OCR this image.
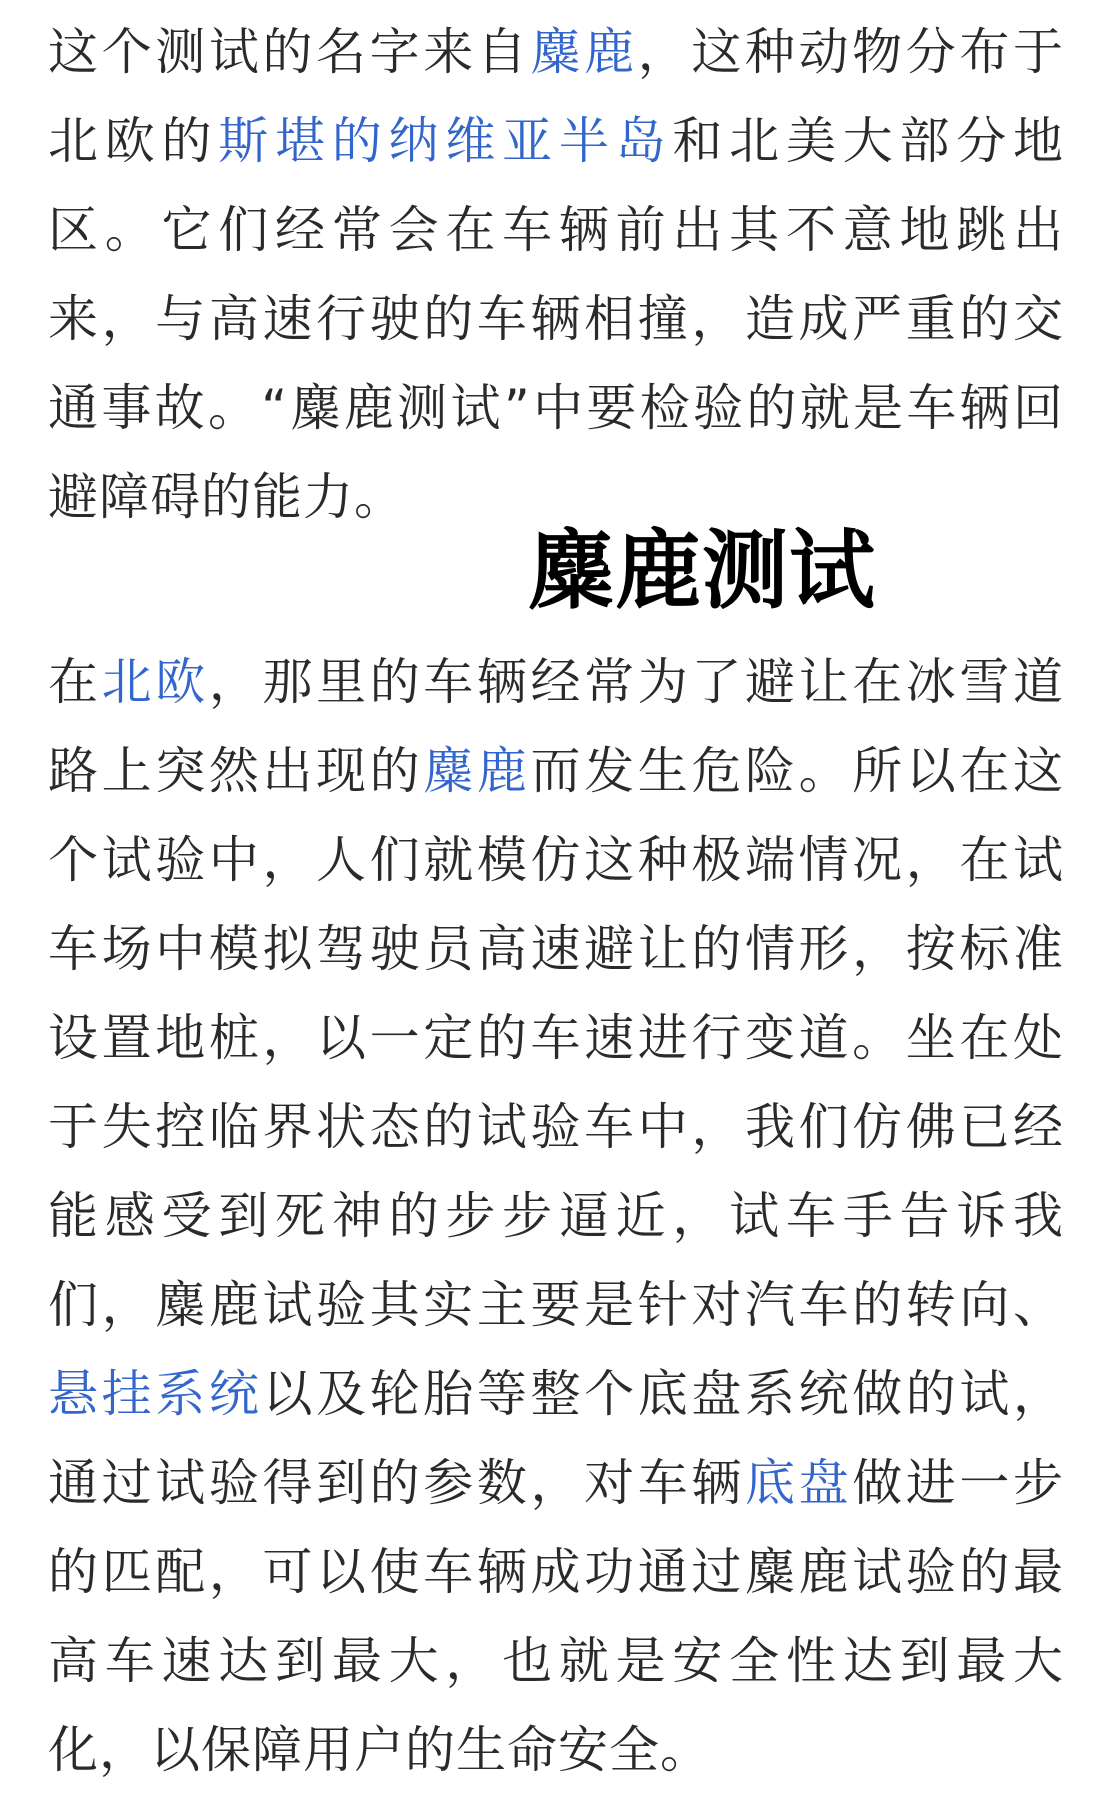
这个测试的名字来自麋鹿，这种动物分布于北欧的斯堪的纳维亚半岛和北美大部分地区。它们经常会在车辆前出其不意地跳出来，与高速行驶的车辆相撞，造成严重的交通事故。“麋鹿测试”中要检验的就是车辆回避障碍的能力。

麋鹿测试

在北欧，那里的车辆经常为了避让在冰雪道路上突然出现的麋鹿而发生危险。所以在这个试验中，人们就模仿这种极端情况，在试车场中模拟驾驶员高速避让的情形，按标准设置地桩，以一定的车速进行变道。坐在处于失控临界状态的试验车中，我们仿佛已经能感受到死神的步步逼近，试车手告诉我们，麋鹿试验其实主要是针对汽车的转向、悬挂系统以及轮胎等整个底盘系统做的试，通过试验得到的参数，对车辆底盘做进一步的匹配，可以使车辆成功通过麋鹿试验的最高车速达到最大，也就是安全性达到最大化，以保障用户的生命安全。
